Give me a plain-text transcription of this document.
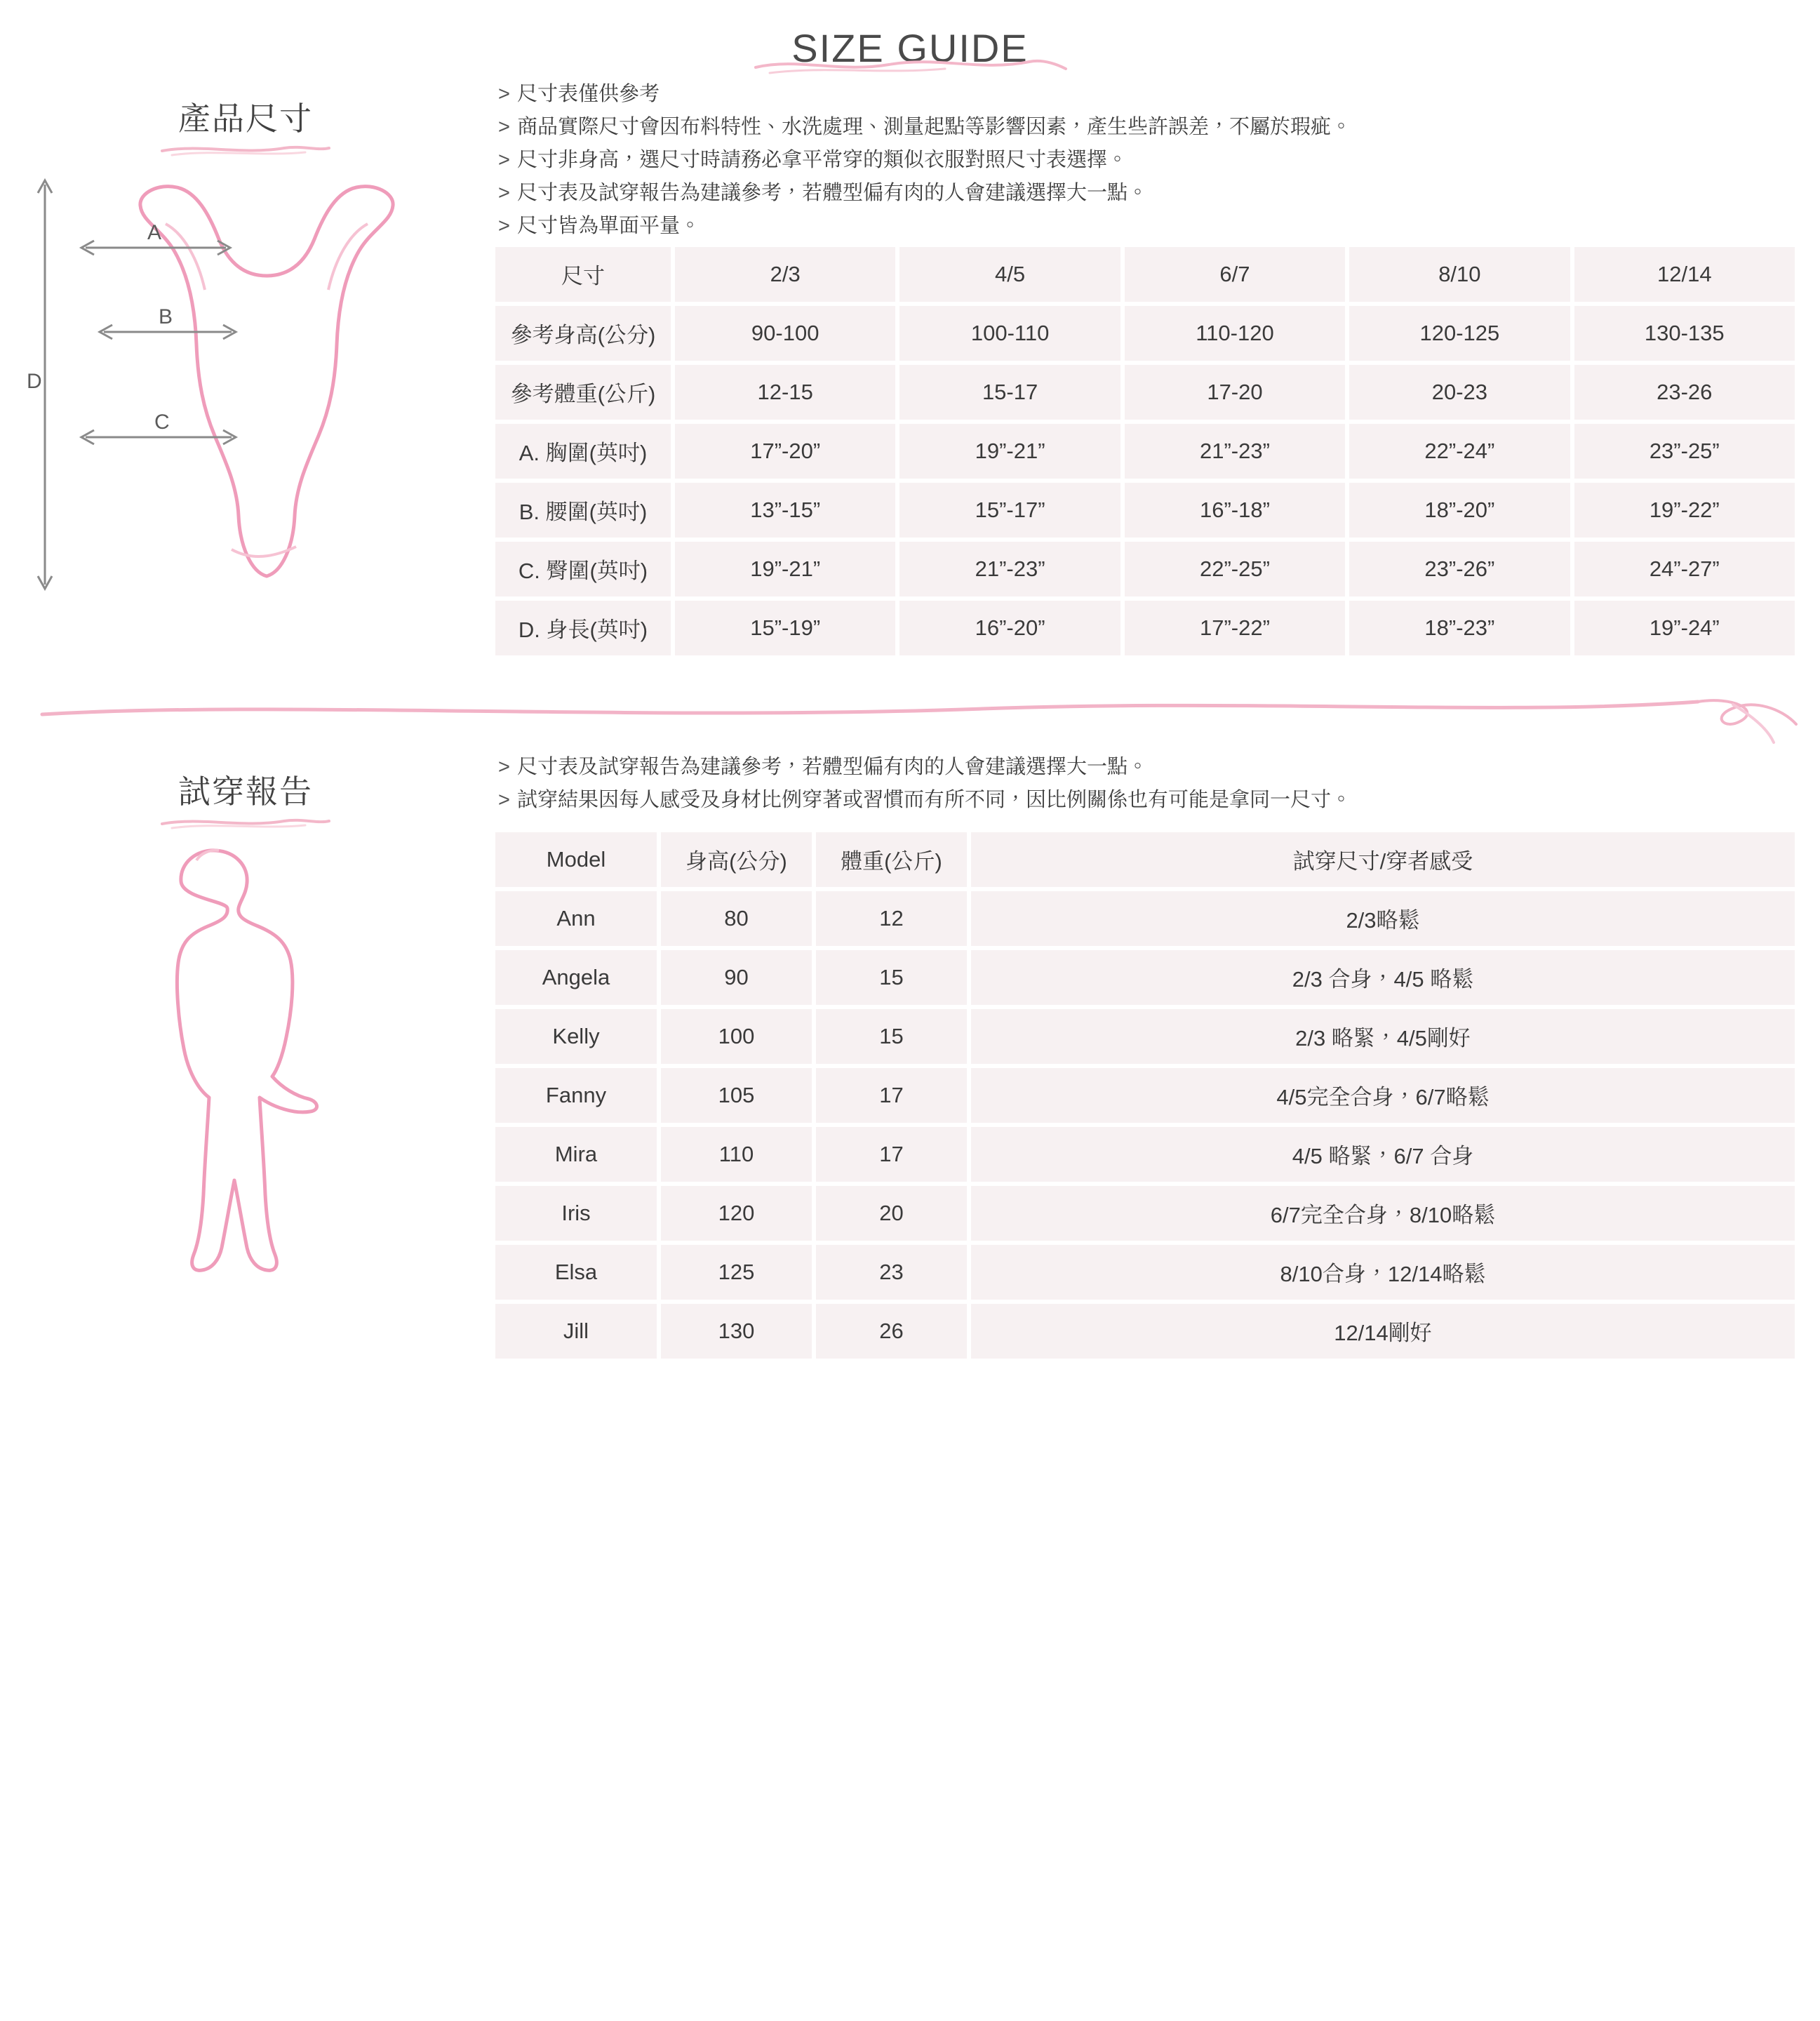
SIZE GUIDE
產品尺寸
D
A
B
C
> 尺寸表僅供參考
> 商品實際尺寸會因布料特性、水洗處理、測量起點等影響因素，產生些許誤差，不屬於瑕疵。
> 尺寸非身高，選尺寸時請務必拿平常穿的類似衣服對照尺寸表選擇。
> 尺寸表及試穿報告為建議參考，若體型偏有肉的人會建議選擇大一點。
> 尺寸皆為單面平量。
尺寸	2/3	4/5	6/7	8/10	12/14
參考身高(公分)	90-100	100-110	110-120	120-125	130-135
參考體重(公斤)	12-15	15-17	17-20	20-23	23-26
A. 胸圍(英吋)	17”-20”	19”-21”	21”-23”	22”-24”	23”-25”
B. 腰圍(英吋)	13”-15”	15”-17”	16”-18”	18”-20”	19”-22”
C. 臀圍(英吋)	19”-21”	21”-23”	22”-25”	23”-26”	24”-27”
D. 身長(英吋)	15”-19”	16”-20”	17”-22”	18”-23”	19”-24”
試穿報告
> 尺寸表及試穿報告為建議參考，若體型偏有肉的人會建議選擇大一點。
> 試穿結果因每人感受及身材比例穿著或習慣而有所不同，因比例關係也有可能是拿同一尺寸。
Model	身高(公分)	體重(公斤)	試穿尺寸/穿者感受
Ann	80	12	2/3略鬆
Angela	90	15	2/3 合身，4/5 略鬆
Kelly	100	15	2/3 略緊，4/5剛好
Fanny	105	17	4/5完全合身，6/7略鬆
Mira	110	17	4/5 略緊，6/7 合身
Iris	120	20	6/7完全合身，8/10略鬆
Elsa	125	23	8/10合身，12/14略鬆
Jill	130	26	12/14剛好
